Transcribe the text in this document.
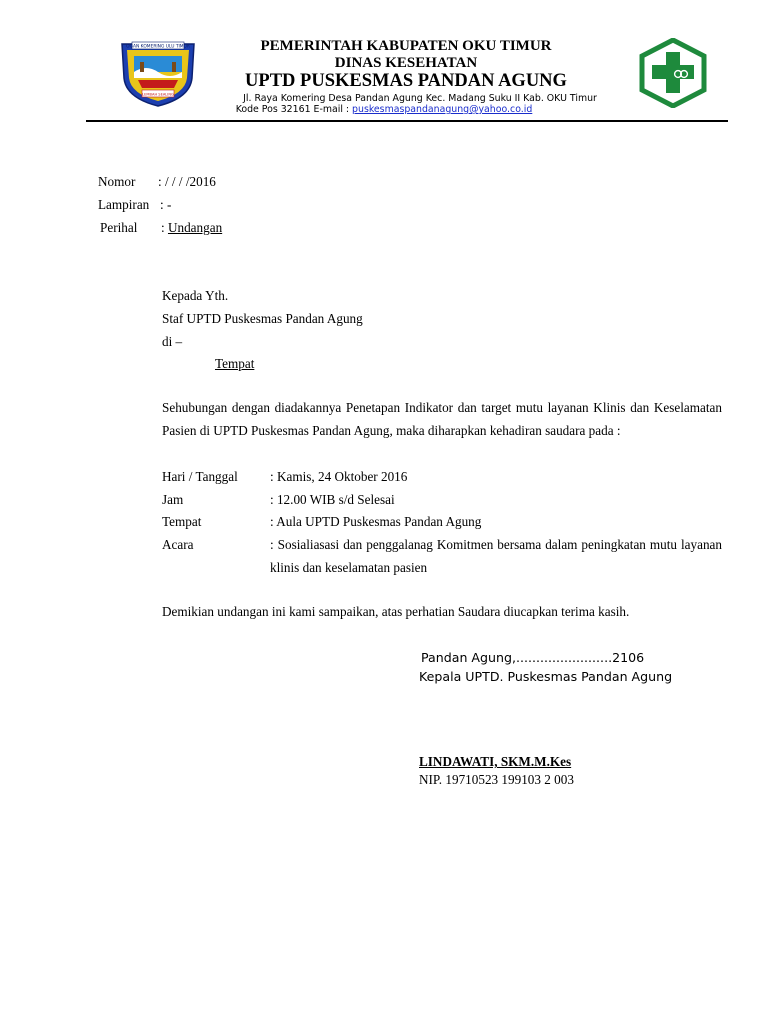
OGAN KOMERING ULU TIMUR
LEMBAH SEALING
PEMERINTAH KABUPATEN OKU TIMUR
DINAS KESEHATAN
UPTD PUSKESMAS PANDAN AGUNG
Jl. Raya Komering Desa Pandan Agung Kec. Madang Suku II Kab. OKU Timur
Kode Pos 32161 E-mail : puskesmaspandanagung@yahoo.co.id
Nomor : / / / /2016
Lampiran : -
Perihal : Undangan
Kepada Yth.
Staf UPTD Puskesmas Pandan Agung
di –
Tempat
Sehubungan dengan diadakannya Penetapan Indikator dan target mutu layanan Klinis dan Keselamatan Pasien di UPTD Puskesmas Pandan Agung, maka diharapkan kehadiran saudara pada :
Hari / Tanggal : Kamis, 24 Oktober 2016
Jam	: 12.00 WIB s/d Selesai
Tempat	: Aula UPTD Puskesmas Pandan Agung
Acara	: Sosialiasasi dan penggalanag Komitmen bersama dalam peningkatan mutu layanan klinis dan keselamatan pasien
Demikian undangan ini kami sampaikan, atas perhatian Saudara diucapkan terima kasih.
Pandan Agung,........................2106
Kepala UPTD. Puskesmas Pandan Agung
LINDAWATI, SKM.M.Kes
NIP. 19710523 199103 2 003
